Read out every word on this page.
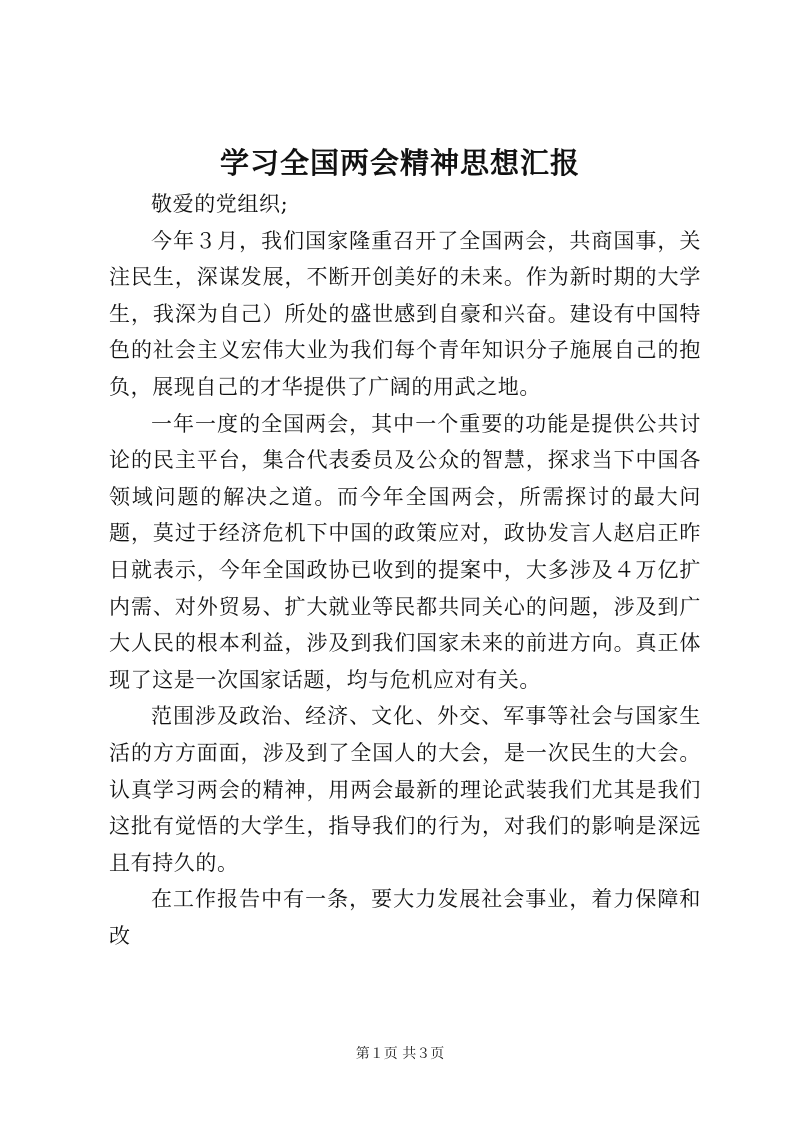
学习全国两会精神思想汇报

敬爱的党组织;

今年３月，我们国家隆重召开了全国两会，共商国事，关注民生，深谋发展，不断开创美好的未来。作为新时期的大学生，我深为自己）所处的盛世感到自豪和兴奋。建设有中国特色的社会主义宏伟大业为我们每个青年知识分子施展自己的抱负，展现自己的才华提供了广阔的用武之地。

一年一度的全国两会，其中一个重要的功能是提供公共讨论的民主平台，集合代表委员及公众的智慧，探求当下中国各领域问题的解决之道。而今年全国两会，所需探讨的最大问题，莫过于经济危机下中国的政策应对，政协发言人赵启正昨日就表示，今年全国政协已收到的提案中，大多涉及４万亿扩内需、对外贸易、扩大就业等民都共同关心的问题，涉及到广大人民的根本利益，涉及到我们国家未来的前进方向。真正体现了这是一次国家话题，均与危机应对有关。

范围涉及政治、经济、文化、外交、军事等社会与国家生活的方方面面，涉及到了全国人的大会，是一次民生的大会。认真学习两会的精神，用两会最新的理论武装我们尤其是我们这批有觉悟的大学生，指导我们的行为，对我们的影响是深远且有持久的。

在工作报告中有一条，要大力发展社会事业，着力保障和改

第１页 共３页
